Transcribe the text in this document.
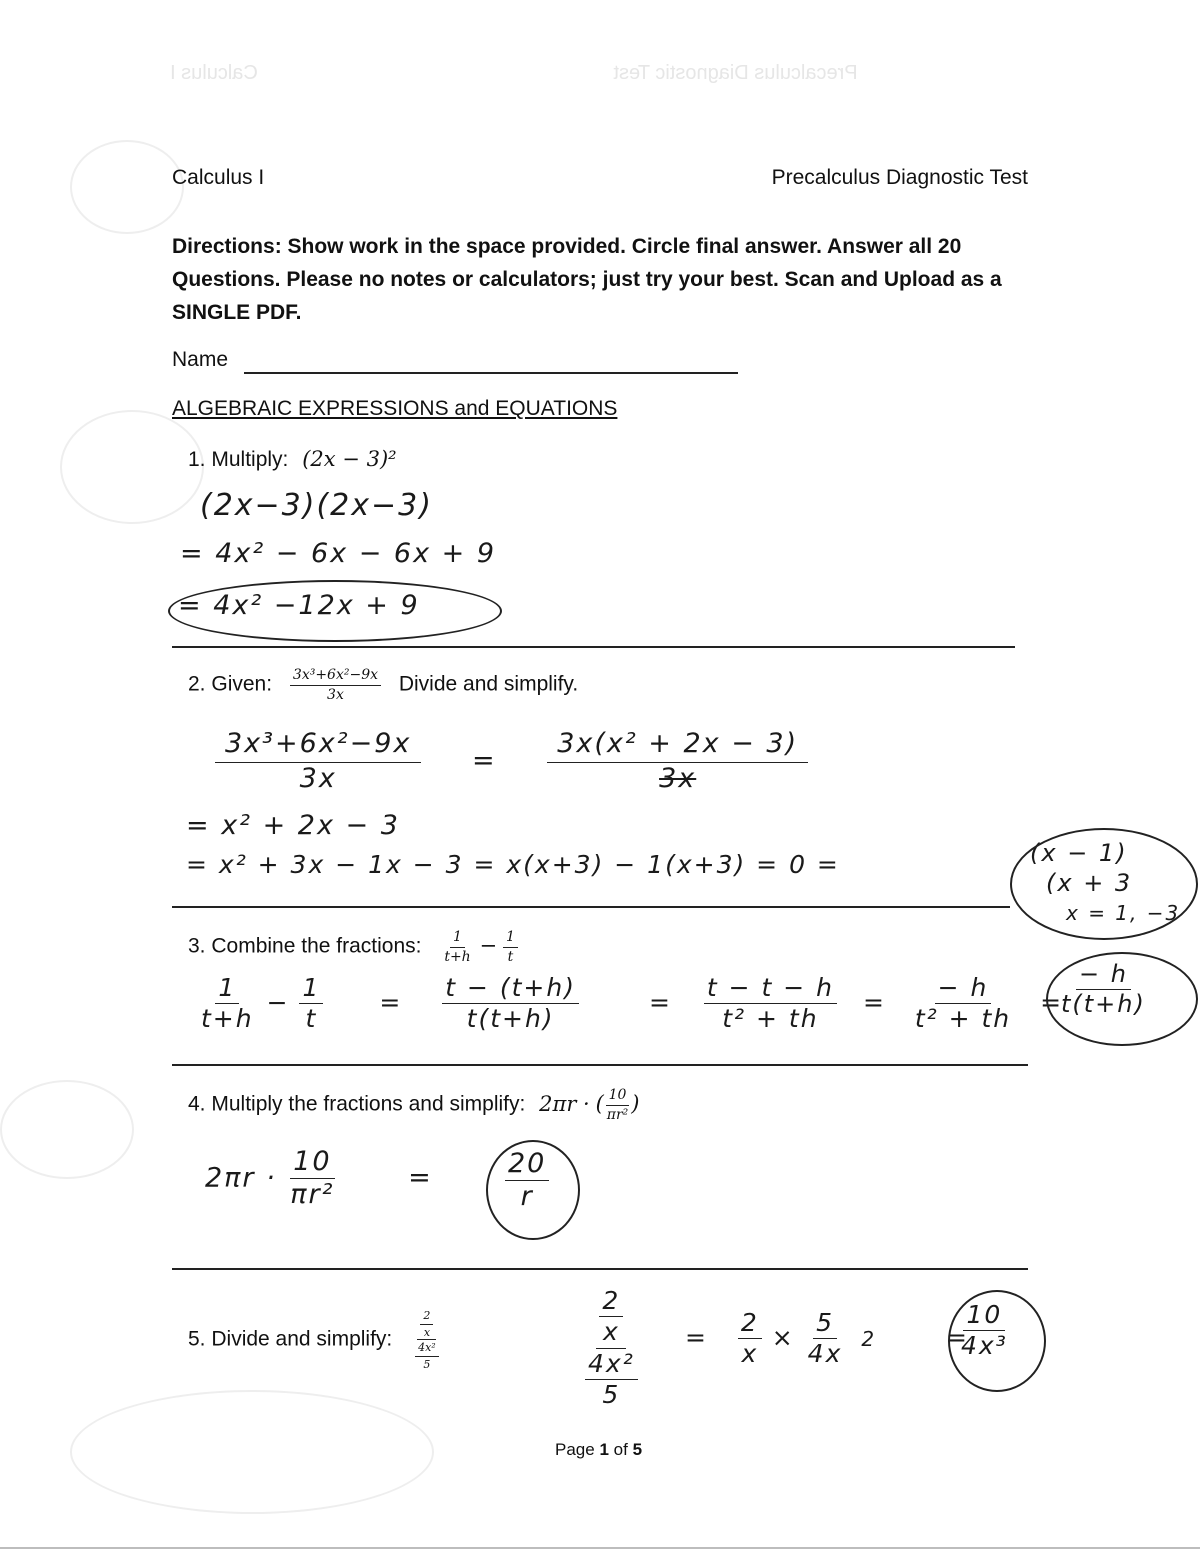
Precalculus Diagnostic Test                                                                Calculus I
Calculus I	Precalculus Diagnostic Test
Directions: Show work in the space provided. Circle final answer. Answer all 20 Questions. Please no notes or calculators; just try your best. Scan and Upload as a SINGLE PDF.
Name
ALGEBRAIC EXPRESSIONS and EQUATIONS
1. Multiply: (2x − 3)²
(2x−3)(2x−3)
= 4x² − 6x − 6x + 9
= 4x² −12x + 9
2. Given: $\frac{\text{3x³+6x²−9x}}{3x}$ Divide and simplify.
$\frac{\text{3x³+6x²−9x}}{3x} = \frac{\text{3x(x² + 2x − 3)}}{3x}$
= x² + 2x − 3
= x² + 3x − 1x − 3 = x(x+3) − 1(x+3) = 0 =	(x − 1)
(x + 3
x = 1, −3
3. Combine the fractions: $\frac{1}{t+h} - \frac{1}{t}$
$\frac{1}{t+h} - \frac{1}{t} = \frac{t - (t+h)}{t(t+h)}$	= $\frac{t - t - h}{\text{t² + th}} = \frac{- h}{\text{t² + th}}$ =
$\frac{- h}{t(t+h)}$
4. Multiply the fractions and simplify: 2πr · ( $\frac{10}{\text{πr²}}$ )
$2\pi r \cdot \frac{10}{\text{πr²}}$	=	$\frac{20}{r}$
5. Divide and simplify: $\frac{\frac{2}{x}}{\frac{\text{4x²}}{5}}$	$\frac{\frac{2}{x}}{\frac{\text{4x²}}{5}} = \frac{2}{x} \times \frac{5}{4x} 2$	=
$\frac{10}{\text{4x³}}$
Page 1 of 5
